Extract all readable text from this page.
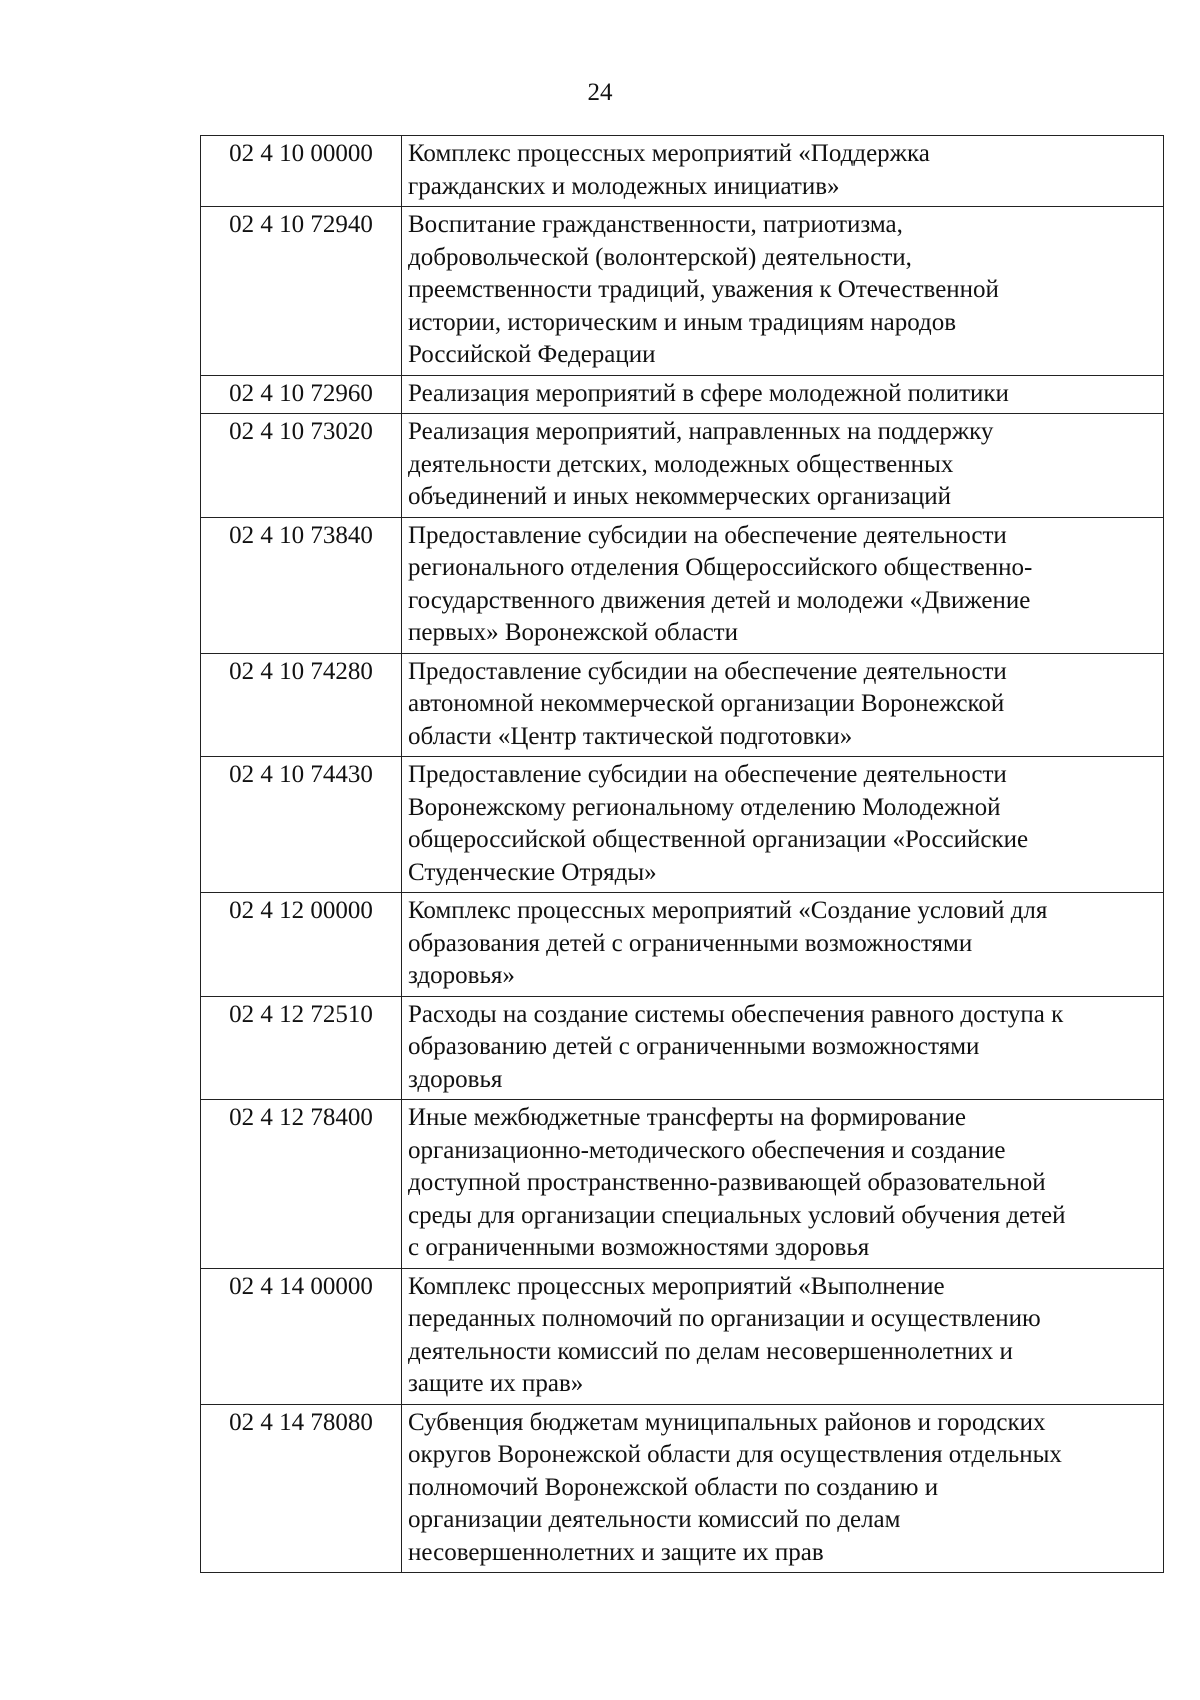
24
02 4 10 00000	Комплекс процессных мероприятий «Поддержка
гражданских и молодежных инициатив»

02 4 10 72940	Воспитание гражданственности, патриотизма,
добровольческой (волонтерской) деятельности,
преемственности традиций, уважения к Отечественной
истории, историческим и иным традициям народов
Российской Федерации

02 4 10 72960	Реализация мероприятий в сфере молодежной политики

02 4 10 73020	Реализация мероприятий, направленных на поддержку
деятельности детских, молодежных общественных
объединений и иных некоммерческих организаций

02 4 10 73840	Предоставление субсидии на обеспечение деятельности
регионального отделения Общероссийского общественно-
государственного движения детей и молодежи «Движение
первых» Воронежской области

02 4 10 74280	Предоставление субсидии на обеспечение деятельности
автономной некоммерческой организации Воронежской
области «Центр тактической подготовки»

02 4 10 74430	Предоставление субсидии на обеспечение деятельности
Воронежскому региональному отделению Молодежной
общероссийской общественной организации «Российские
Студенческие Отряды»

02 4 12 00000	Комплекс процессных мероприятий «Создание условий для
образования детей с ограниченными возможностями
здоровья»

02 4 12 72510	Расходы на создание системы обеспечения равного доступа к
образованию детей с ограниченными возможностями
здоровья

02 4 12 78400	Иные межбюджетные трансферты на формирование
организационно-методического обеспечения и создание
доступной пространственно-развивающей образовательной
среды для организации специальных условий обучения детей
с ограниченными возможностями здоровья

02 4 14 00000	Комплекс процессных мероприятий «Выполнение
переданных полномочий по организации и осуществлению
деятельности комиссий по делам несовершеннолетних и
защите их прав»

02 4 14 78080	Субвенция бюджетам муниципальных районов и городских
округов Воронежской области для осуществления отдельных
полномочий Воронежской области по созданию и
организации деятельности комиссий по делам
несовершеннолетних и защите их прав
